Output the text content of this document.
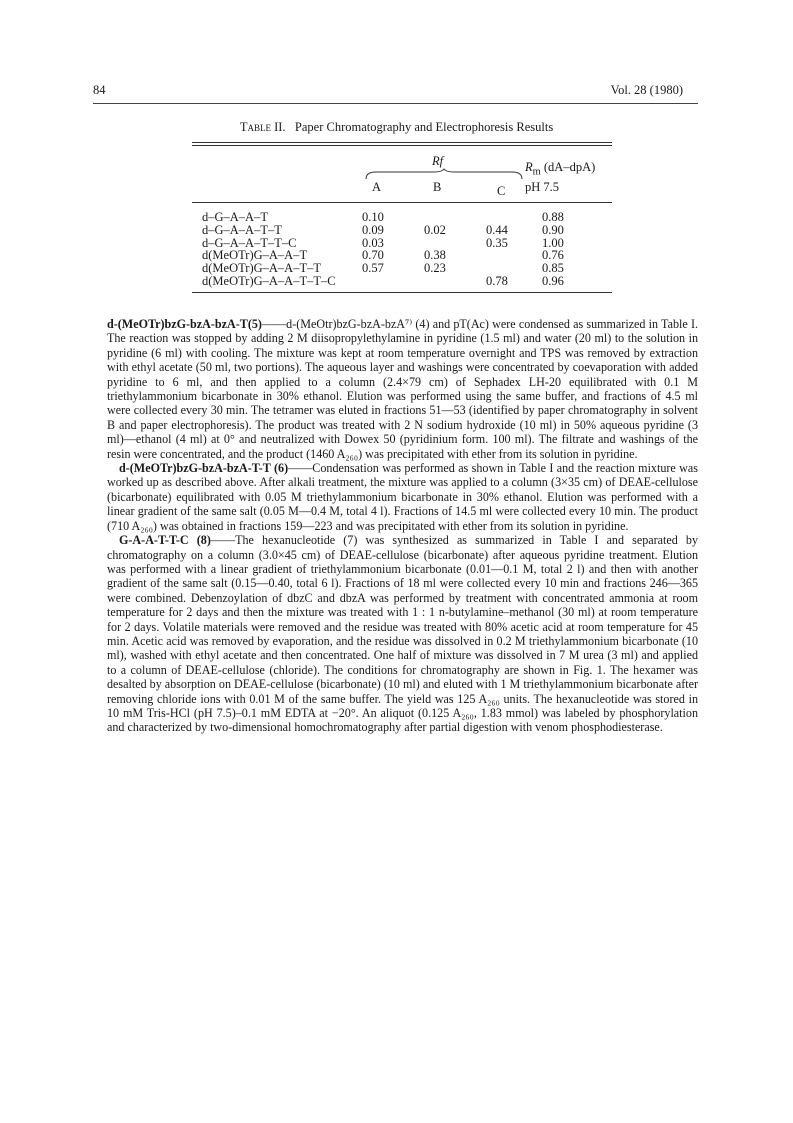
84	Vol. 28 (1980)
Table II. Paper Chromatography and Electrophoresis Results
Rf
A	B	C
$R_m$ (dA–dpA)
pH 7.5
d–G–A–A–T	0.10			0.88
d–G–A–A–T–T	0.09	0.02	0.44	0.90
d–G–A–A–T–T–C	0.03		0.35	1.00
d(MeOTr)G–A–A–T	0.70	0.38		0.76
d(MeOTr)G–A–A–T–T	0.57	0.23		0.85
d(MeOTr)G–A–A–T–T–C			0.78	0.96

d-(MeOTr)bzG-bzA-bzA-T(5)——d-(MeOtr)bzG-bzA-bzA⁷⁾ (4) and pT(Ac) were condensed as summarized in Table I. The reaction was stopped by adding 2 M diisopropylethylamine in pyridine (1.5 ml) and water (20 ml) to the solution in pyridine (6 ml) with cooling. The mixture was kept at room temperature overnight and TPS was removed by extraction with ethyl acetate (50 ml, two portions). The aqueous layer and washings were concentrated by coevaporation with added pyridine to 6 ml, and then applied to a column (2.4×79 cm) of Sephadex LH-20 equilibrated with 0.1 M triethylammonium bicarbonate in 30% ethanol. Elution was performed using the same buffer, and fractions of 4.5 ml were collected every 30 min. The tetramer was eluted in fractions 51—53 (identified by paper chromatography in solvent B and paper electrophoresis). The product was treated with 2 N sodium hydroxide (10 ml) in 50% aqueous pyridine (3 ml)—ethanol (4 ml) at 0° and neutralized with Dowex 50 (pyridinium form. 100 ml). The filtrate and washings of the resin were concentrated, and the product (1460 A₂₆₀) was precipitated with ether from its solution in pyridine.

d-(MeOTr)bzG-bzA-bzA-T-T (6)——Condensation was performed as shown in Table I and the reaction mixture was worked up as described above. After alkali treatment, the mixture was applied to a column (3×35 cm) of DEAE-cellulose (bicarbonate) equilibrated with 0.05 M triethylammonium bicarbonate in 30% ethanol. Elution was performed with a linear gradient of the same salt (0.05 M—0.4 M, total 4 l). Fractions of 14.5 ml were collected every 10 min. The product (710 A₂₆₀) was obtained in fractions 159—223 and was precipitated with ether from its solution in pyridine.

G-A-A-T-T-C (8)——The hexanucleotide (7) was synthesized as summarized in Table I and separated by chromatography on a column (3.0×45 cm) of DEAE-cellulose (bicarbonate) after aqueous pyridine treatment. Elution was performed with a linear gradient of triethylammonium bicarbonate (0.01—0.1 M, total 2 l) and then with another gradient of the same salt (0.15—0.40, total 6 l). Fractions of 18 ml were collected every 10 min and fractions 246—365 were combined. Debenzoylation of dbzC and dbzA was performed by treatment with concentrated ammonia at room temperature for 2 days and then the mixture was treated with 1 : 1 n-butylamine–methanol (30 ml) at room temperature for 2 days. Volatile materials were removed and the residue was treated with 80% acetic acid at room temperature for 45 min. Acetic acid was removed by evaporation, and the residue was dissolved in 0.2 M triethylammonium bicarbonate (10 ml), washed with ethyl acetate and then concentrated. One half of mixture was dissolved in 7 M urea (3 ml) and applied to a column of DEAE-cellulose (chloride). The conditions for chromatography are shown in Fig. 1. The hexamer was desalted by absorption on DEAE-cellulose (bicarbonate) (10 ml) and eluted with 1 M triethylammonium bicarbonate after removing chloride ions with 0.01 M of the same buffer. The yield was 125 A₂₆₀ units. The hexanucleotide was stored in 10 mM Tris-HCl (pH 7.5)–0.1 mM EDTA at −20°. An aliquot (0.125 A₂₆₀, 1.83 mmol) was labeled by phosphorylation and characterized by two-dimensional homochromatography after partial digestion with venom phosphodiesterase.
